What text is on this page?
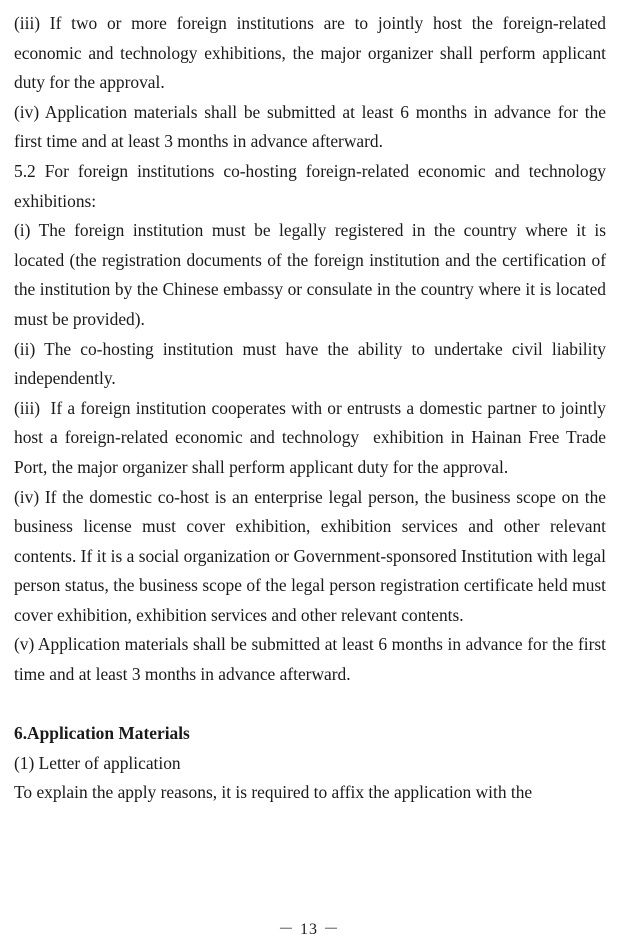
(iii) If two or more foreign institutions are to jointly host the foreign-related economic and technology exhibitions, the major organizer shall perform applicant duty for the approval.

(iv) Application materials shall be submitted at least 6 months in advance for the first time and at least 3 months in advance afterward.

5.2 For foreign institutions co-hosting foreign-related economic and technology exhibitions:

(i) The foreign institution must be legally registered in the country where it is located (the registration documents of the foreign institution and the certification of the institution by the Chinese embassy or consulate in the country where it is located must be provided).

(ii) The co-hosting institution must have the ability to undertake civil liability independently.

(iii)  If a foreign institution cooperates with or entrusts a domestic partner to jointly host a foreign-related economic and technology  exhibition in Hainan Free Trade Port, the major organizer shall perform applicant duty for the approval.

(iv) If the domestic co-host is an enterprise legal person, the business scope on the business license must cover exhibition, exhibition services and other relevant contents. If it is a social organization or Government-sponsored Institution with legal person status, the business scope of the legal person registration certificate held must cover exhibition, exhibition services and other relevant contents.

(v) Application materials shall be submitted at least 6 months in advance for the first time and at least 3 months in advance afterward.

6.Application Materials

(1) Letter of application

To explain the apply reasons, it is required to affix the application with the

－ 13 －
